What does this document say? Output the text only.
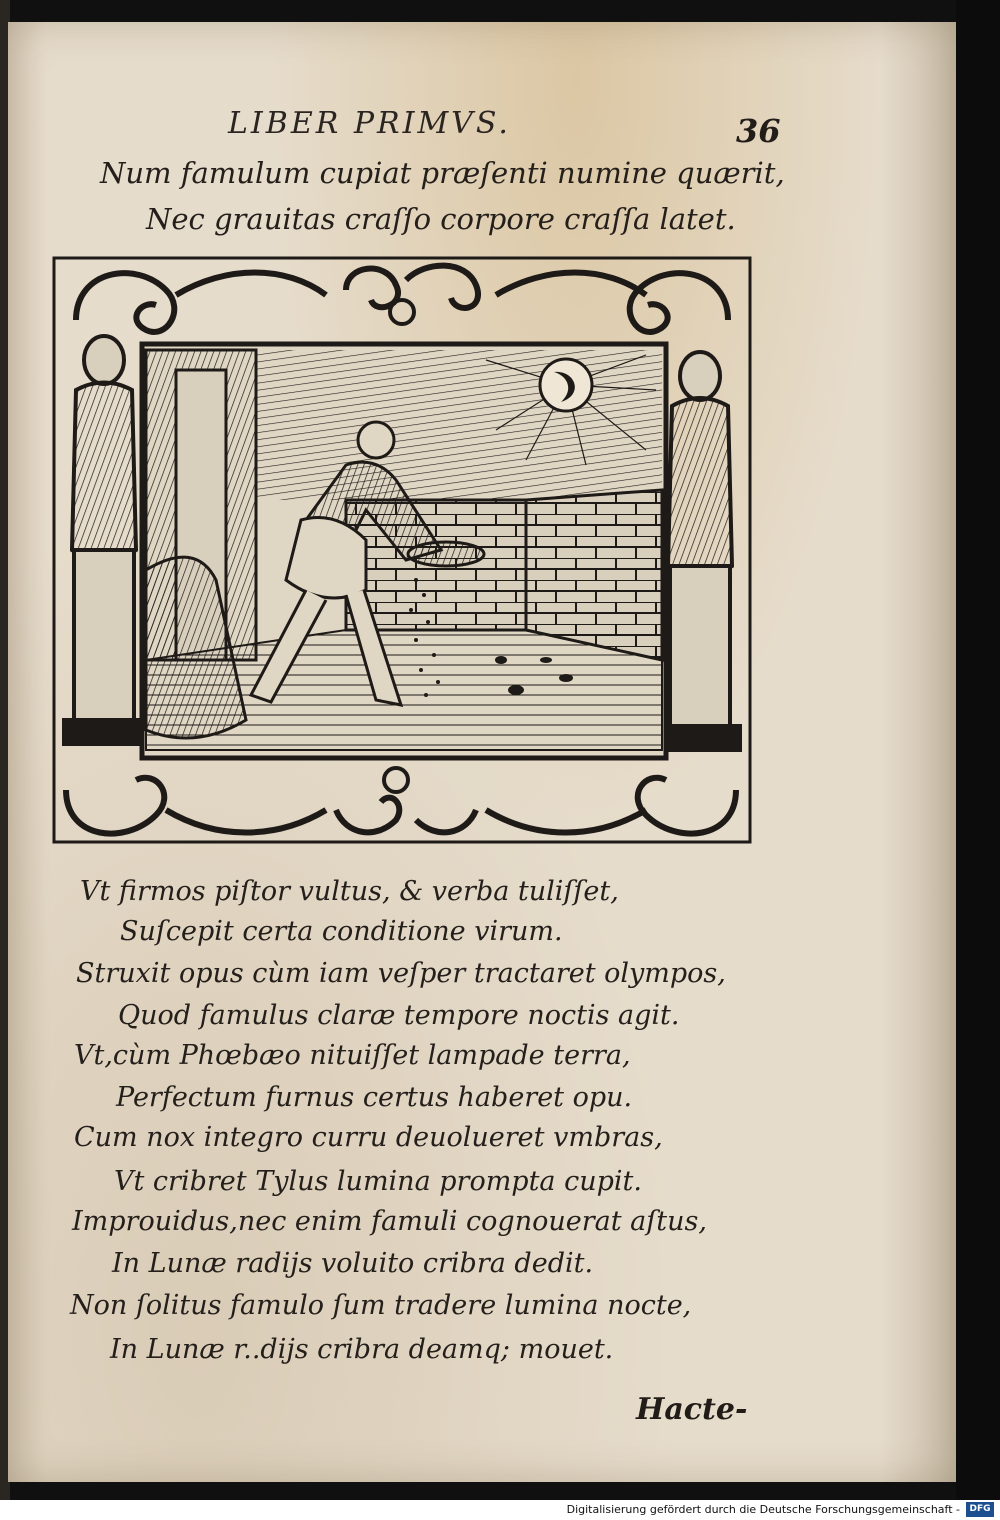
LIBER PRIMVS.	36
Num famulum cupiat præſenti numine quærit,
Nec grauitas craſſo corpore craſſa latet.
Vt firmos piſtor vultus, & verba tuliſſet,
Suſcepit certa conditione virum.
Struxit opus cùm iam veſper tractaret olympos,
Quod famulus claræ tempore noctis agit.
Vt,cùm Phœbæo nituiſſet lampade terra,
Perfectum furnus certus haberet opu.
Cum nox integro curru deuolueret vmbras,
Vt cribret Tylus lumina prompta cupit.
Improuidus,nec enim famuli cognouerat aſtus,
In Lunæ radijs voluito cribra dedit.
Non ſolitus famulo ſum tradere lumina nocte,
In Lunæ r..dijs cribra deamq; mouet.
Hactе-
Digitalisierung gefördert durch die Deutsche Forschungsgemeinschaft -	DFG
